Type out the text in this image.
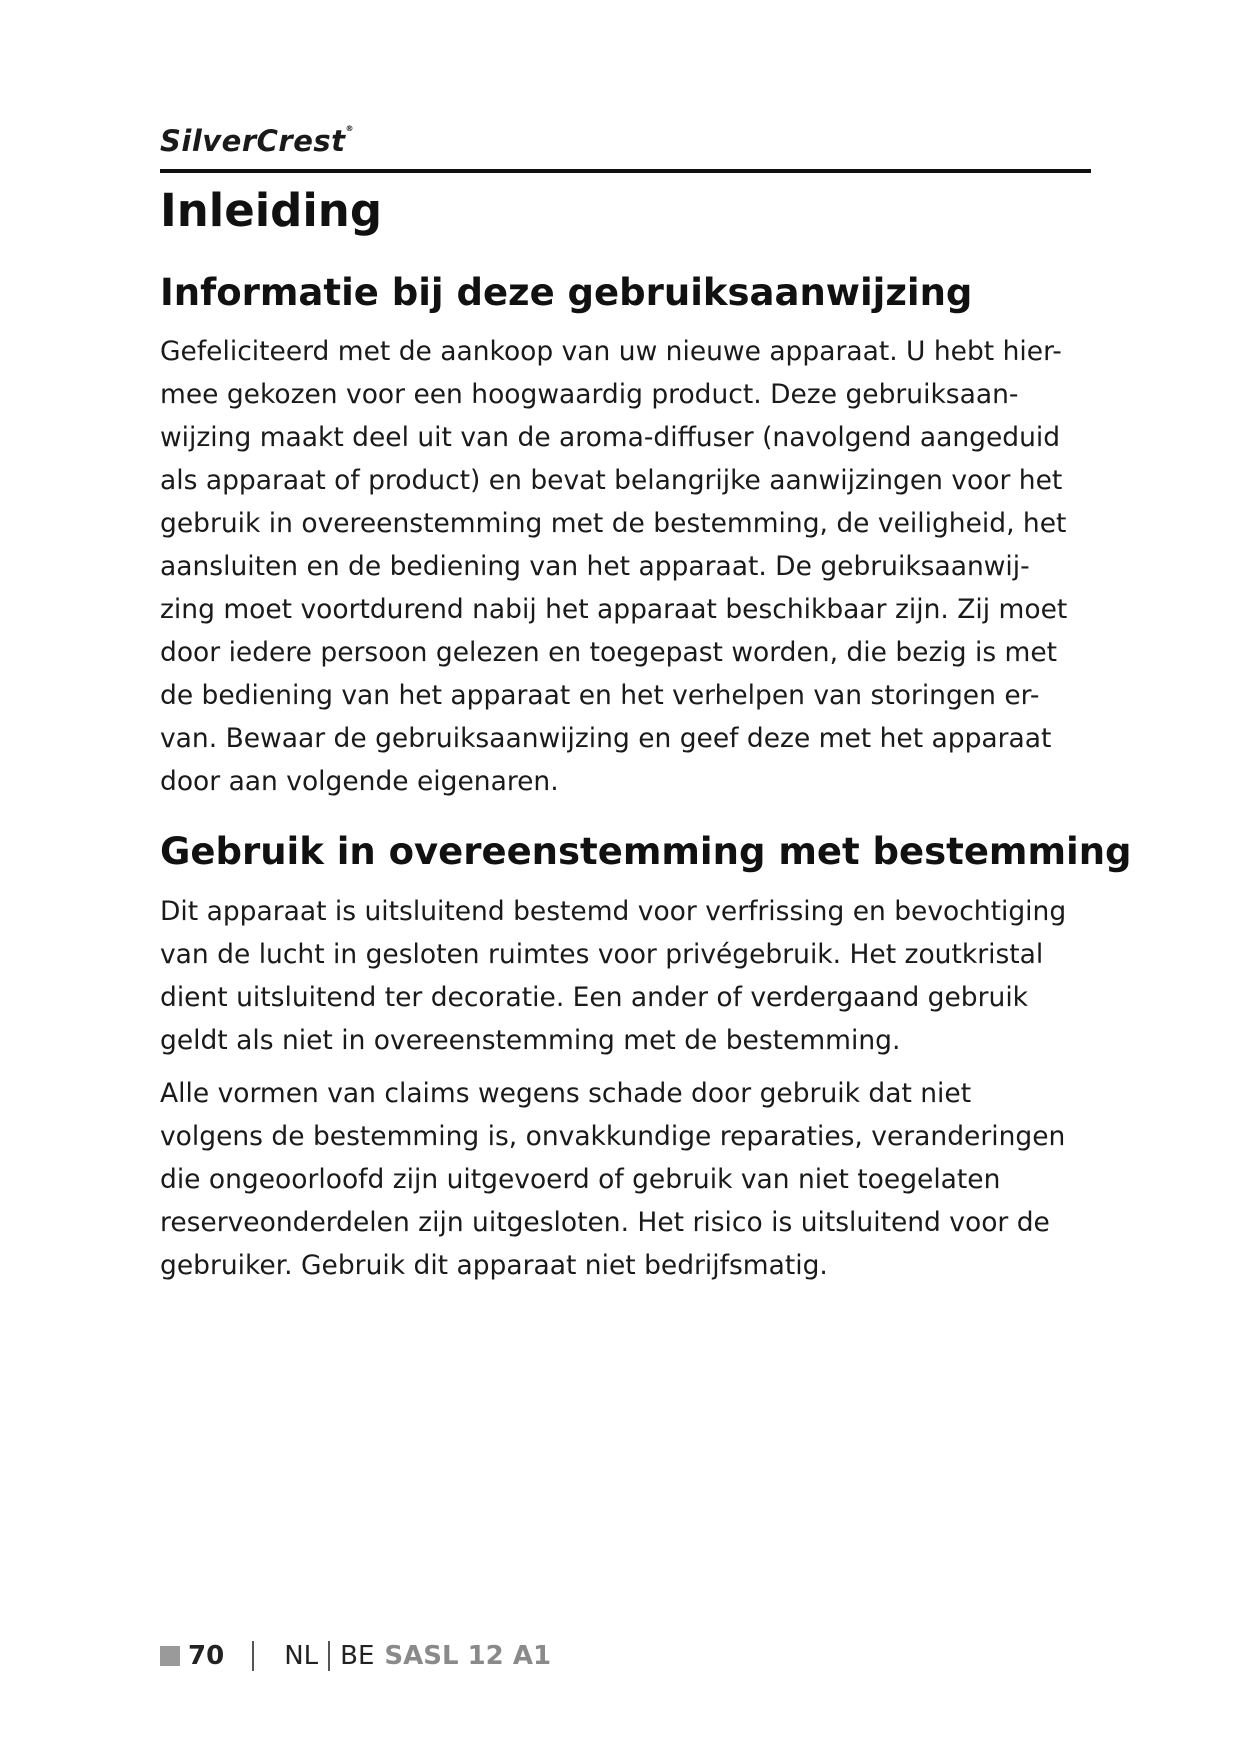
SilverCrest®
Inleiding
Informatie bij deze gebruiksaanwijzing
Gefeliciteerd met de aankoop van uw nieuwe apparaat. U hebt hier-
mee gekozen voor een hoogwaardig product. Deze gebruiksaan-
wijzing maakt deel uit van de aroma-diffuser (navolgend aangeduid
als apparaat of product) en bevat belangrijke aanwijzingen voor het
gebruik in overeenstemming met de bestemming, de veiligheid, het
aansluiten en de bediening van het apparaat. De gebruiksaanwij-
zing moet voortdurend nabij het apparaat beschikbaar zijn. Zij moet
door iedere persoon gelezen en toegepast worden, die bezig is met
de bediening van het apparaat en het verhelpen van storingen er-
van. Bewaar de gebruiksaanwijzing en geef deze met het apparaat
door aan volgende eigenaren.
Gebruik in overeenstemming met bestemming
Dit apparaat is uitsluitend bestemd voor verfrissing en bevochtiging
van de lucht in gesloten ruimtes voor privégebruik. Het zoutkristal
dient uitsluitend ter decoratie. Een ander of verdergaand gebruik
geldt als niet in overeenstemming met de bestemming.
Alle vormen van claims wegens schade door gebruik dat niet
volgens de bestemming is, onvakkundige reparaties, veranderingen
die ongeoorloofd zijn uitgevoerd of gebruik van niet toegelaten
reserveonderdelen zijn uitgesloten. Het risico is uitsluitend voor de
gebruiker. Gebruik dit apparaat niet bedrijfsmatig.
70 NL BE SASL 12 A1
